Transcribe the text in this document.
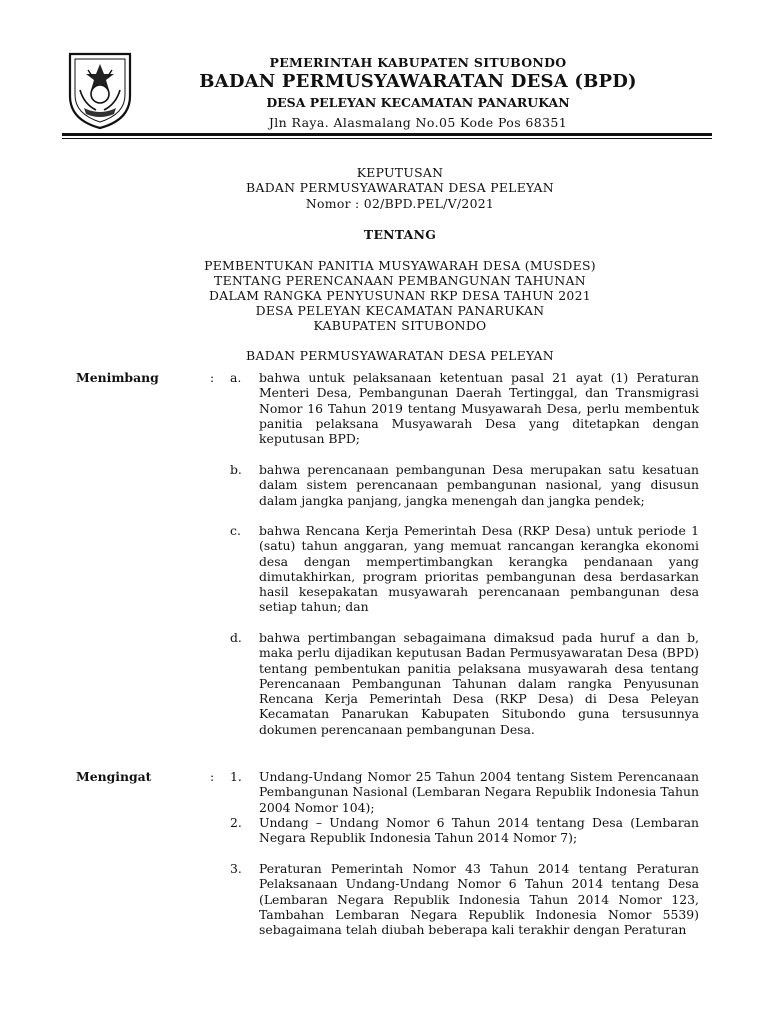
PEMERINTAH KABUPATEN SITUBONDO
BADAN PERMUSYAWARATAN DESA (BPD)
DESA PELEYAN KECAMATAN PANARUKAN
Jln Raya. Alasmalang No.05 Kode Pos 68351
KEPUTUSAN
BADAN PERMUSYAWARATAN DESA PELEYAN
Nomor : 02/BPD.PEL/V/2021
TENTANG
PEMBENTUKAN PANITIA MUSYAWARAH DESA (MUSDES)
TENTANG PERENCANAAN PEMBANGUNAN TAHUNAN
DALAM RANGKA PENYUSUNAN RKP DESA TAHUN 2021
DESA PELEYAN KECAMATAN PANARUKAN
KABUPATEN SITUBONDO
BADAN PERMUSYAWARATAN DESA PELEYAN
Menimbang	: a.	bahwa untuk pelaksanaan ketentuan pasal 21 ayat (1) Peraturan Menteri Desa, Pembangunan Daerah Tertinggal, dan Transmigrasi Nomor 16 Tahun 2019 tentang Musyawarah Desa, perlu membentuk panitia pelaksana Musyawarah Desa yang ditetapkan dengan keputusan BPD;
b.	bahwa perencanaan pembangunan Desa merupakan satu kesatuan dalam sistem perencanaan pembangunan nasional, yang disusun dalam jangka panjang, jangka menengah dan jangka pendek;
c.	bahwa Rencana Kerja Pemerintah Desa (RKP Desa) untuk periode 1 (satu) tahun anggaran, yang memuat rancangan kerangka ekonomi desa dengan mempertimbangkan kerangka pendanaan yang dimutakhirkan, program prioritas pembangunan desa berdasarkan hasil kesepakatan musyawarah perencanaan pembangunan desa setiap tahun; dan
d.	bahwa pertimbangan sebagaimana dimaksud pada huruf a dan b, maka perlu dijadikan keputusan Badan Permusyawaratan Desa (BPD) tentang pembentukan panitia pelaksana musyawarah desa tentang Perencanaan Pembangunan Tahunan dalam rangka Penyusunan Rencana Kerja Pemerintah Desa (RKP Desa) di Desa Peleyan Kecamatan Panarukan Kabupaten Situbondo guna tersusunnya dokumen perencanaan pembangunan Desa.
Mengingat	: 1.	Undang-Undang Nomor 25 Tahun 2004 tentang Sistem Perencanaan Pembangunan Nasional (Lembaran Negara Republik Indonesia Tahun 2004 Nomor 104);
2.	Undang – Undang Nomor 6 Tahun 2014 tentang Desa (Lembaran Negara Republik Indonesia Tahun 2014 Nomor 7);
3.	Peraturan Pemerintah Nomor 43 Tahun 2014 tentang Peraturan Pelaksanaan Undang-Undang Nomor 6 Tahun 2014 tentang Desa (Lembaran Negara Republik Indonesia Tahun 2014 Nomor 123, Tambahan Lembaran Negara Republik Indonesia Nomor 5539) sebagaimana telah diubah beberapa kali terakhir dengan Peraturan
